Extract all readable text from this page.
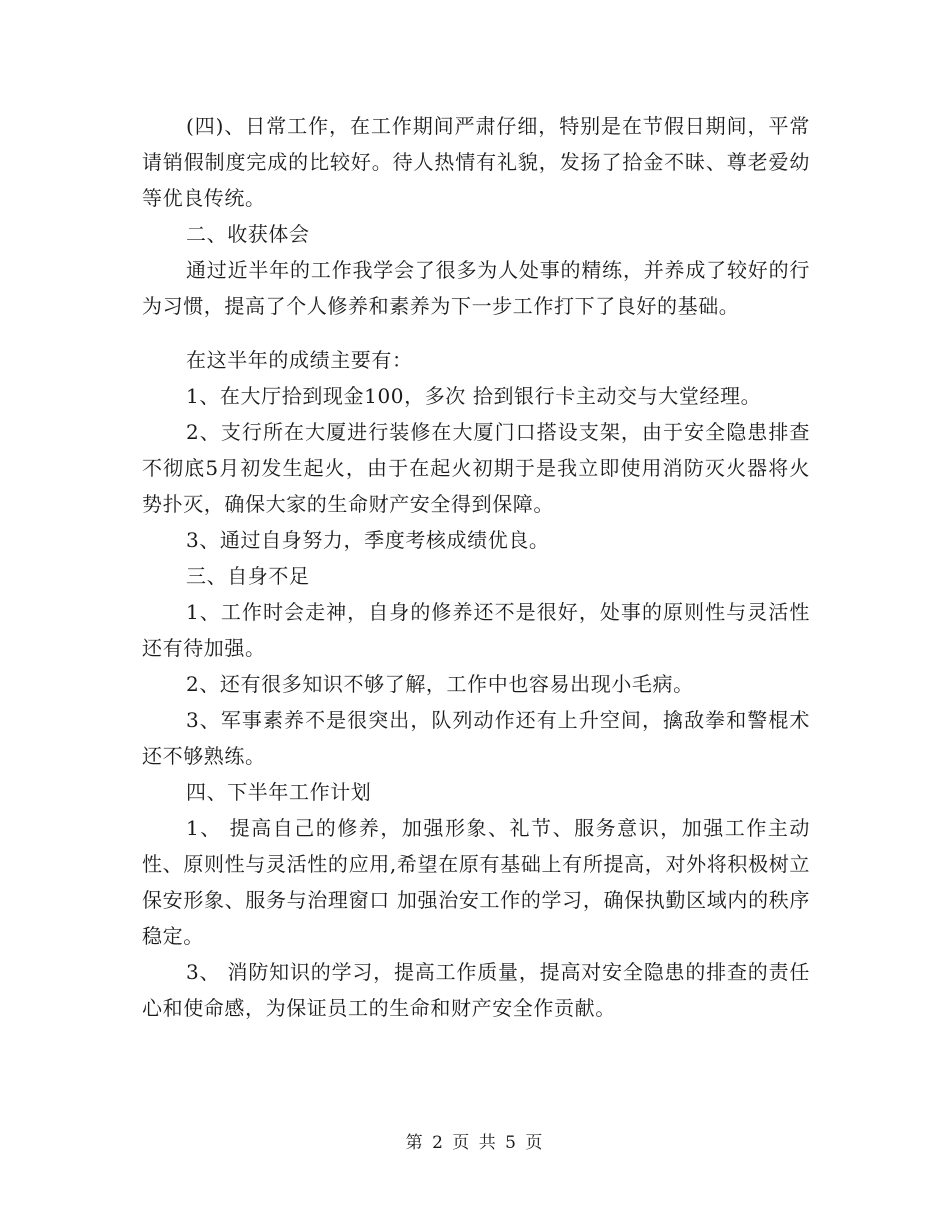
(四)、日常工作，在工作期间严肃仔细，特别是在节假日期间，平常请销假制度完成的比较好。待人热情有礼貌，发扬了拾金不昧、尊老爱幼等优良传统。

二、收获体会

通过近半年的工作我学会了很多为人处事的精练，并养成了较好的行为习惯，提高了个人修养和素养为下一步工作打下了良好的基础。

在这半年的成绩主要有：

1、在大厅拾到现金100，多次 拾到银行卡主动交与大堂经理。

2、支行所在大厦进行装修在大厦门口搭设支架，由于安全隐患排查不彻底5月初发生起火，由于在起火初期于是我立即使用消防灭火器将火势扑灭，确保大家的生命财产安全得到保障。

3、通过自身努力，季度考核成绩优良。

三、自身不足

1、工作时会走神，自身的修养还不是很好，处事的原则性与灵活性还有待加强。

2、还有很多知识不够了解，工作中也容易出现小毛病。

3、军事素养不是很突出，队列动作还有上升空间，擒敌拳和警棍术还不够熟练。

四、下半年工作计划

1、 提高自己的修养，加强形象、礼节、服务意识，加强工作主动性、原则性与灵活性的应用,希望在原有基础上有所提高，对外将积极树立保安形象、服务与治理窗口 加强治安工作的学习，确保执勤区域内的秩序稳定。

3、 消防知识的学习，提高工作质量，提高对安全隐患的排查的责任心和使命感，为保证员工的生命和财产安全作贡献。

第 2 页 共 5 页
